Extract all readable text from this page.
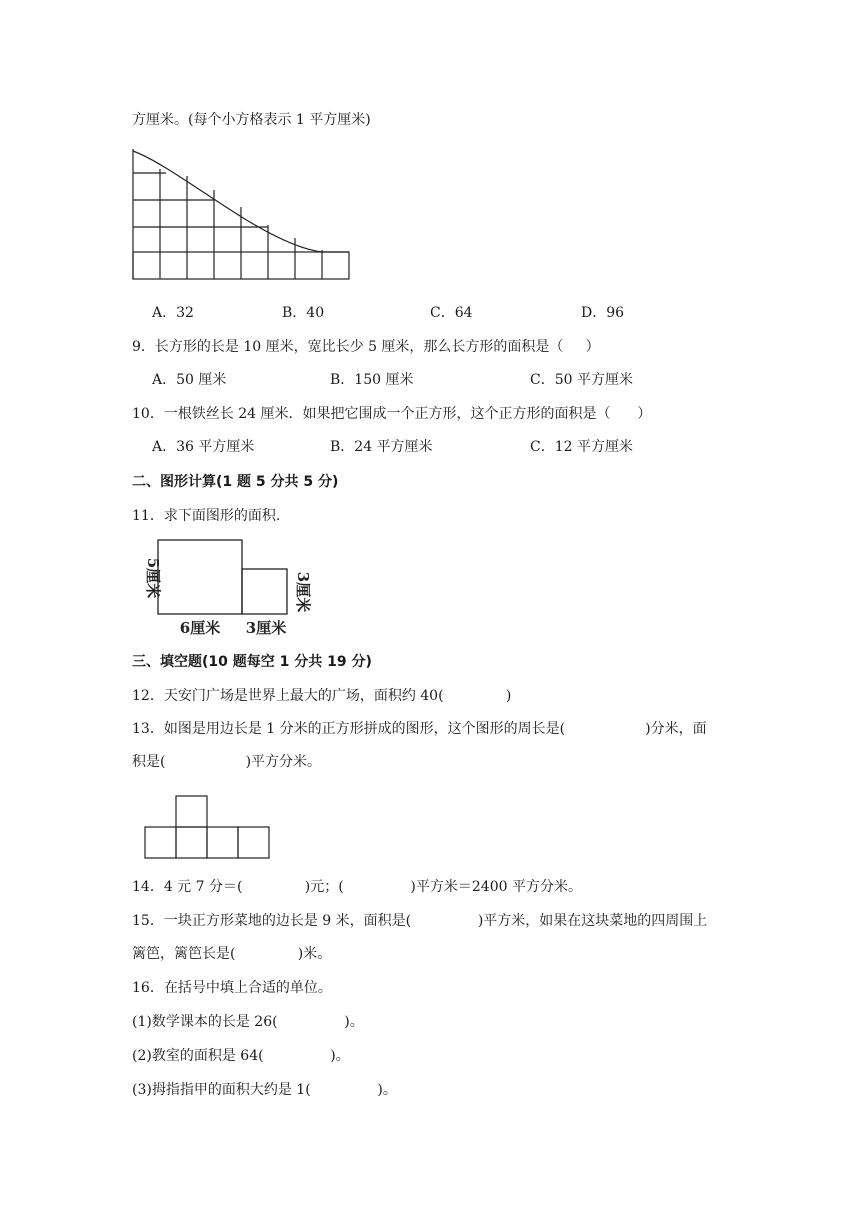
方厘米。(每个小方格表示 1 平方厘米)
A．32	B．40	C．64	D．96
9．长方形的长是 10 厘米，宽比长少 5 厘米，那么长方形的面积是（     ）
A．50 厘米	B．150 厘米	C．50 平方厘米
10．一根铁丝长 24 厘米．如果把它围成一个正方形，这个正方形的面积是（      ）
A．36 平方厘米	B．24 平方厘米	C．12 平方厘米
二、图形计算(1 题 5 分共 5 分)
11．求下面图形的面积.
5厘米
6厘米
3厘米
3厘米
三、填空题(10 题每空 1 分共 19 分)
12．天安门广场是世界上最大的广场，面积约 40(              )
13．如图是用边长是 1 分米的正方形拼成的图形，这个图形的周长是(                  )分米，面
积是(                  )平方分米。
14．4 元 7 分＝(              )元；(               )平方米＝2400 平方分米。
15．一块正方形菜地的边长是 9 米，面积是(               )平方米，如果在这块菜地的四周围上
篱笆，篱笆长是(              )米。
16．在括号中填上合适的单位。
(1)数学课本的长是 26(               )。
(2)教室的面积是 64(               )。
(3)拇指指甲的面积大约是 1(               )。
